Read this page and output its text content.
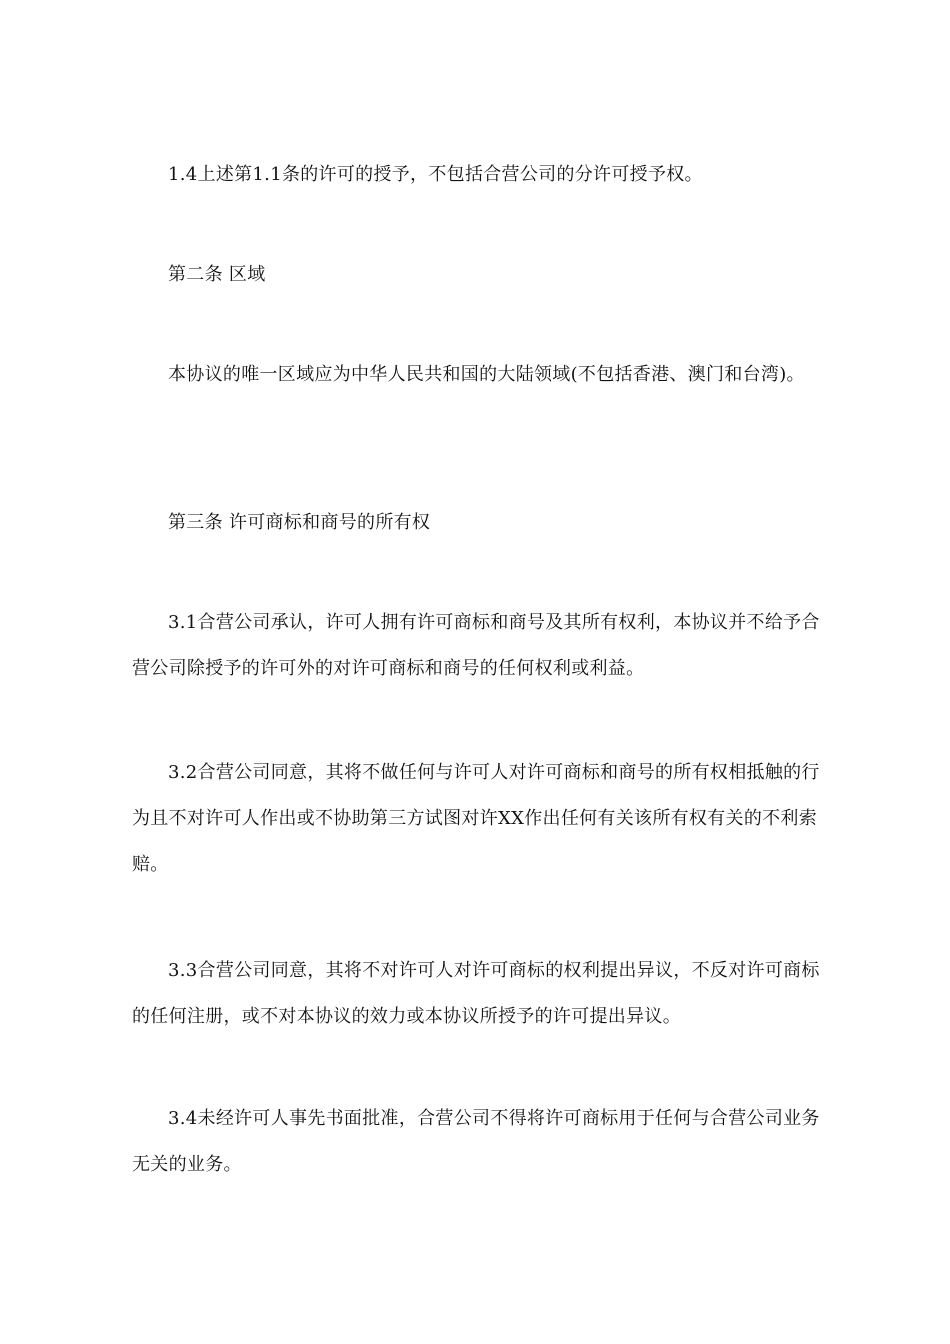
1.4上述第1.1条的许可的授予，不包括合营公司的分许可授予权。

第二条 区域

本协议的唯一区域应为中华人民共和国的大陆领域(不包括香港、澳门和台湾)。

第三条 许可商标和商号的所有权

3.1合营公司承认，许可人拥有许可商标和商号及其所有权利，本协议并不给予合营公司除授予的许可外的对许可商标和商号的任何权利或利益。

3.2合营公司同意，其将不做任何与许可人对许可商标和商号的所有权相抵触的行为且不对许可人作出或不协助第三方试图对许XX作出任何有关该所有权有关的不利索赔。

3.3合营公司同意，其将不对许可人对许可商标的权利提出异议，不反对许可商标的任何注册，或不对本协议的效力或本协议所授予的许可提出异议。

3.4未经许可人事先书面批准，合营公司不得将许可商标用于任何与合营公司业务无关的业务。
